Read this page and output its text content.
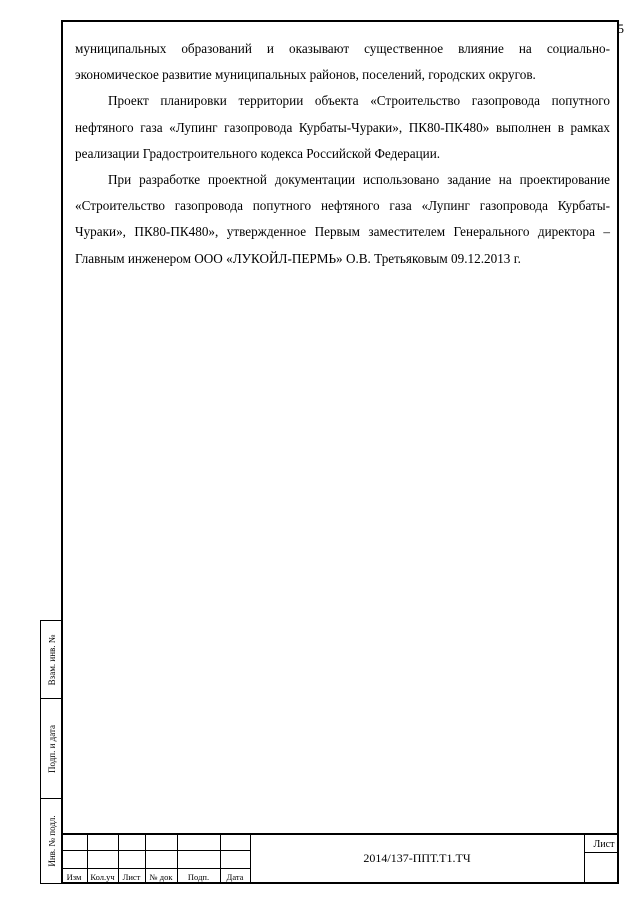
5

муниципальных образований и оказывают существенное влияние на социально-экономическое развитие муниципальных районов, поселений, городских округов.

Проект планировки территории объекта «Строительство газопровода попутного нефтяного газа «Лупинг газопровода Курбаты-Чураки», ПК80-ПК480» выполнен в рамках реализации Градостроительного кодекса Российской Федерации.

При разработке проектной документации использовано задание на проектирование «Строительство газопровода попутного нефтяного газа «Лупинг газопровода Курбаты-Чураки», ПК80-ПК480», утвержденное Первым заместителем Генерального директора – Главным инженером ООО «ЛУКОЙЛ-ПЕРМЬ» О.В. Третьяковым 09.12.2013 г.

Взам. инв. №
Подп. и дата
Инв. № подл.
Изм	Кол.уч Лист	№ док	Подп.	Дата
2014/137-ППТ.Т1.ТЧ
Лист
